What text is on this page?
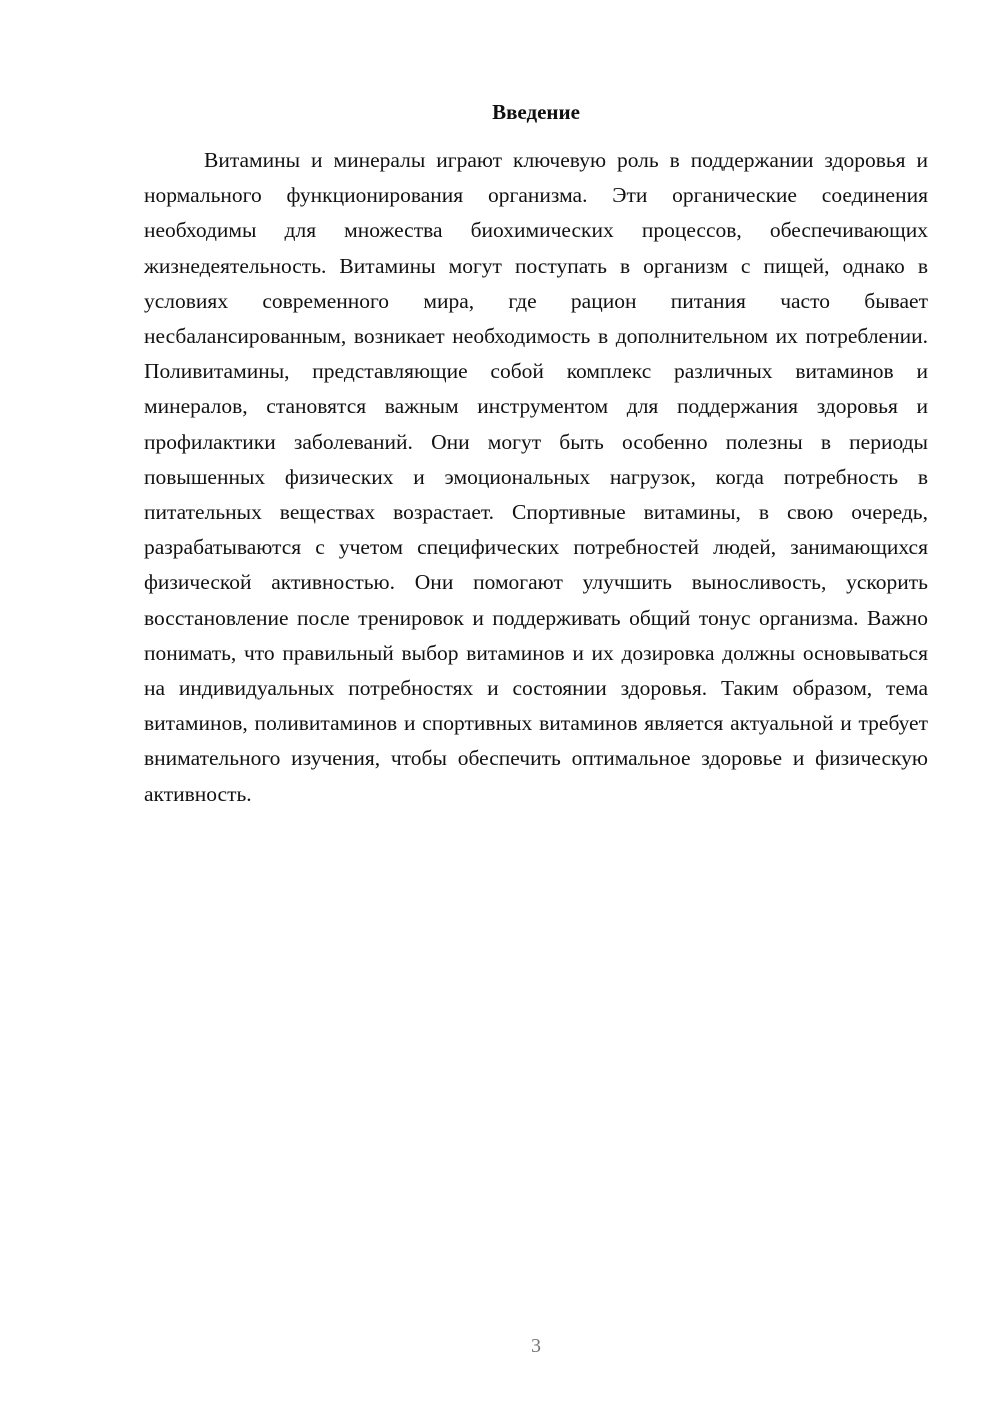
Введение

Витамины и минералы играют ключевую роль в поддержании здоровья и нормального функционирования организма. Эти органические соединения необходимы для множества биохимических процессов, обеспечивающих жизнедеятельность. Витамины могут поступать в организм с пищей, однако в условиях современного мира, где рацион питания часто бывает несбалансированным, возникает необходимость в дополнительном их потреблении. Поливитамины, представляющие собой комплекс различных витаминов и минералов, становятся важным инструментом для поддержания здоровья и профилактики заболеваний. Они могут быть особенно полезны в периоды повышенных физических и эмоциональных нагрузок, когда потребность в питательных веществах возрастает. Спортивные витамины, в свою очередь, разрабатываются с учетом специфических потребностей людей, занимающихся физической активностью. Они помогают улучшить выносливость, ускорить восстановление после тренировок и поддерживать общий тонус организма. Важно понимать, что правильный выбор витаминов и их дозировка должны основываться на индивидуальных потребностях и состоянии здоровья. Таким образом, тема витаминов, поливитаминов и спортивных витаминов является актуальной и требует внимательного изучения, чтобы обеспечить оптимальное здоровье и физическую активность.

3
